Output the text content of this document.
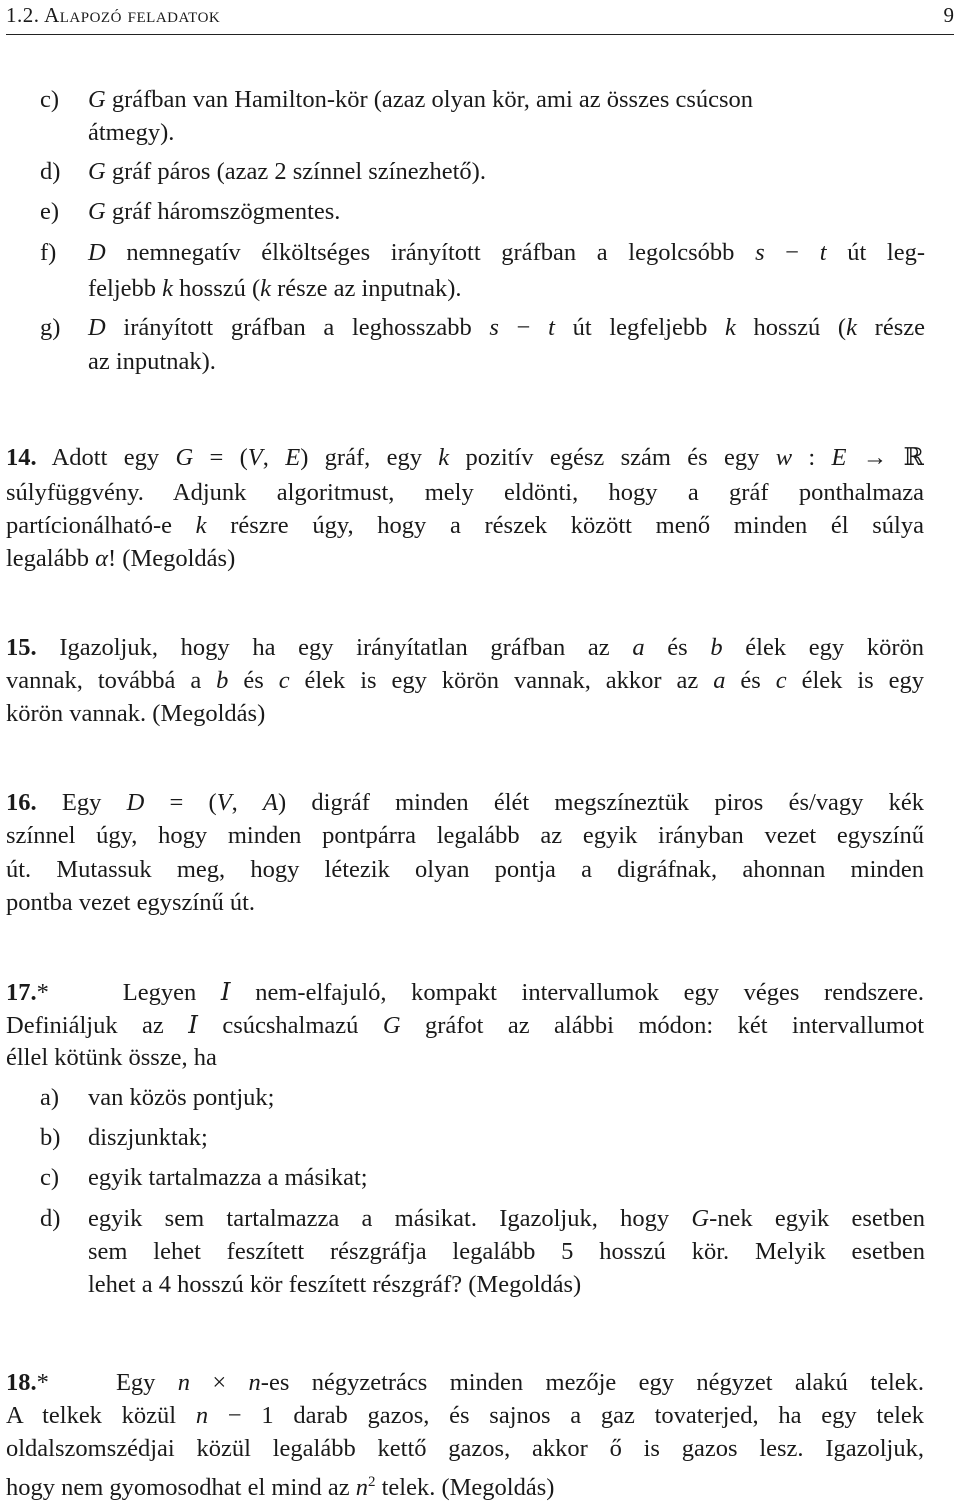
1.2. Alapozó feladatok	9
c) G gráfban van Hamilton-kör (azaz olyan kör, ami az összes csúcson
átmegy).
d) G gráf páros (azaz 2 színnel színezhető).
e) G gráf háromszögmentes.
f) D nemnegatív élköltséges irányított gráfban a legolcsóbb s − t út leg-
feljebb k hosszú (k része az inputnak).
g) D irányított gráfban a leghosszabb s − t út legfeljebb k hosszú (k része
az inputnak).
14. Adott egy G = (V, E) gráf, egy k pozitív egész szám és egy w : E → ℝ
súlyfüggvény. Adjunk algoritmust, mely eldönti, hogy a gráf ponthalmaza
partícionálható-e k részre úgy, hogy a részek között menő minden él súlya
legalább α! (Megoldás)
15. Igazoljuk, hogy ha egy irányítatlan gráfban az a és b élek egy körön
vannak, továbbá a b és c élek is egy körön vannak, akkor az a és c élek is egy
körön vannak. (Megoldás)
16. Egy D = (V, A) digráf minden élét megszíneztük piros és/vagy kék
színnel úgy, hogy minden pontpárra legalább az egyik irányban vezet egyszínű
út. Mutassuk meg, hogy létezik olyan pontja a digráfnak, ahonnan minden
pontba vezet egyszínű út.
17.*	Legyen I nem-elfajuló, kompakt intervallumok egy véges rendszere.
Definiáljuk az I csúcshalmazú G gráfot az alábbi módon: két intervallumot
éllel kötünk össze, ha
a) van közös pontjuk;
b) diszjunktak;
c) egyik tartalmazza a másikat;
d) egyik sem tartalmazza a másikat. Igazoljuk, hogy G-nek egyik esetben
sem lehet feszített részgráfja legalább 5 hosszú kör. Melyik esetben
lehet a 4 hosszú kör feszített részgráf? (Megoldás)
18.*	Egy n × n-es négyzetrács minden mezője egy négyzet alakú telek.
A telkek közül n − 1 darab gazos, és sajnos a gaz tovaterjed, ha egy telek
oldalszomszédjai közül legalább kettő gazos, akkor ő is gazos lesz. Igazoljuk,
hogy nem gyomosodhat el mind az $n^2$ telek. (Megoldás)
